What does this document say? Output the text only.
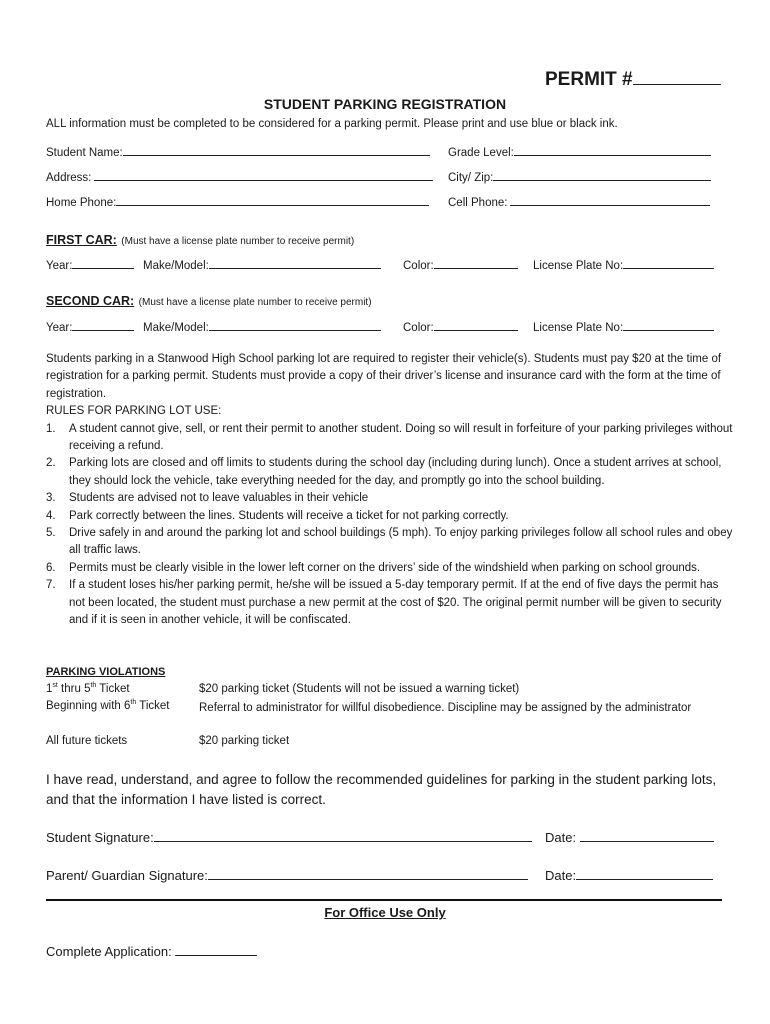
PERMIT #
STUDENT PARKING REGISTRATION
ALL information must be completed to be considered for a parking permit. Please print and use blue or black ink.
Student Name:	Grade Level:
Address:	City/ Zip:
Home Phone:	Cell Phone:
FIRST CAR: (Must have a license plate number to receive permit)
Year:	Make/Model:	Color:	License Plate No:
SECOND CAR: (Must have a license plate number to receive permit)
Year:	Make/Model:	Color:	License Plate No:
Students parking in a Stanwood High School parking lot are required to register their vehicle(s). Students must pay $20 at the time of registration for a parking permit. Students must provide a copy of their driver’s license and insurance card with the form at the time of registration.
RULES FOR PARKING LOT USE:
1. A student cannot give, sell, or rent their permit to another student. Doing so will result in forfeiture of your parking privileges without receiving a refund.
2. Parking lots are closed and off limits to students during the school day (including during lunch). Once a student arrives at school, they should lock the vehicle, take everything needed for the day, and promptly go into the school building.
3. Students are advised not to leave valuables in their vehicle
4. Park correctly between the lines. Students will receive a ticket for not parking correctly.
5. Drive safely in and around the parking lot and school buildings (5 mph). To enjoy parking privileges follow all school rules and obey all traffic laws.
6. Permits must be clearly visible in the lower left corner on the drivers’ side of the windshield when parking on school grounds.
7. If a student loses his/her parking permit, he/she will be issued a 5-day temporary permit. If at the end of five days the permit has not been located, the student must purchase a new permit at the cost of $20. The original permit number will be given to security and if it is seen in another vehicle, it will be confiscated.
PARKING VIOLATIONS
1st thru 5th Ticket	$20 parking ticket (Students will not be issued a warning ticket)
Beginning with 6th Ticket	Referral to administrator for willful disobedience. Discipline may be assigned by the administrator
All future tickets	$20 parking ticket
I have read, understand, and agree to follow the recommended guidelines for parking in the student parking lots, and that the information I have listed is correct.
Student Signature:	Date:
Parent/ Guardian Signature:	Date:
For Office Use Only
Complete Application:
